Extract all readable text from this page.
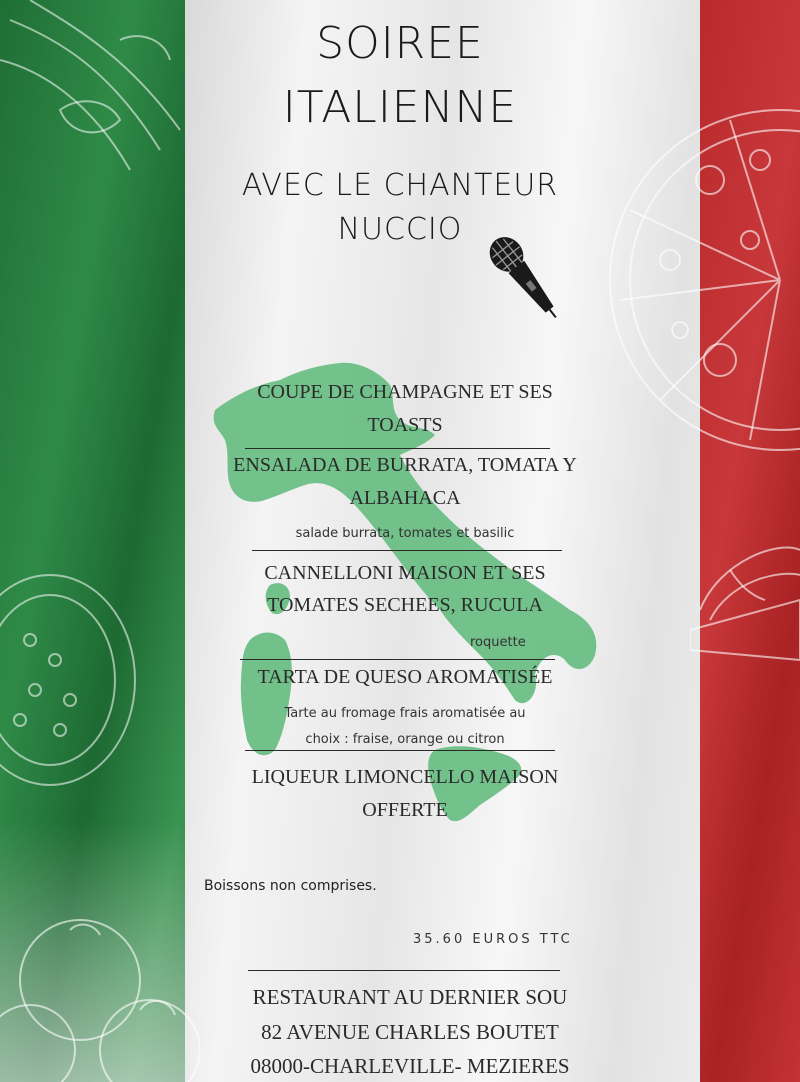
SOIREE
ITALIENNE
AVEC LE CHANTEUR
NUCCIO
COUPE DE CHAMPAGNE ET SES
TOASTS
ENSALADA DE BURRATA, TOMATA Y
ALBAHACA
salade burrata, tomates et basilic
CANNELLONI MAISON ET SES
TOMATES SECHEES, RUCULA
roquette
TARTA DE QUESO AROMATISÉE
Tarte au fromage frais aromatisée au
choix : fraise, orange ou citron
LIQUEUR LIMONCELLO MAISON
OFFERTE
Boissons non comprises.
35.60 EUROS TTC
RESTAURANT AU DERNIER SOU
82 AVENUE CHARLES BOUTET
08000-CHARLEVILLE- MEZIERES
